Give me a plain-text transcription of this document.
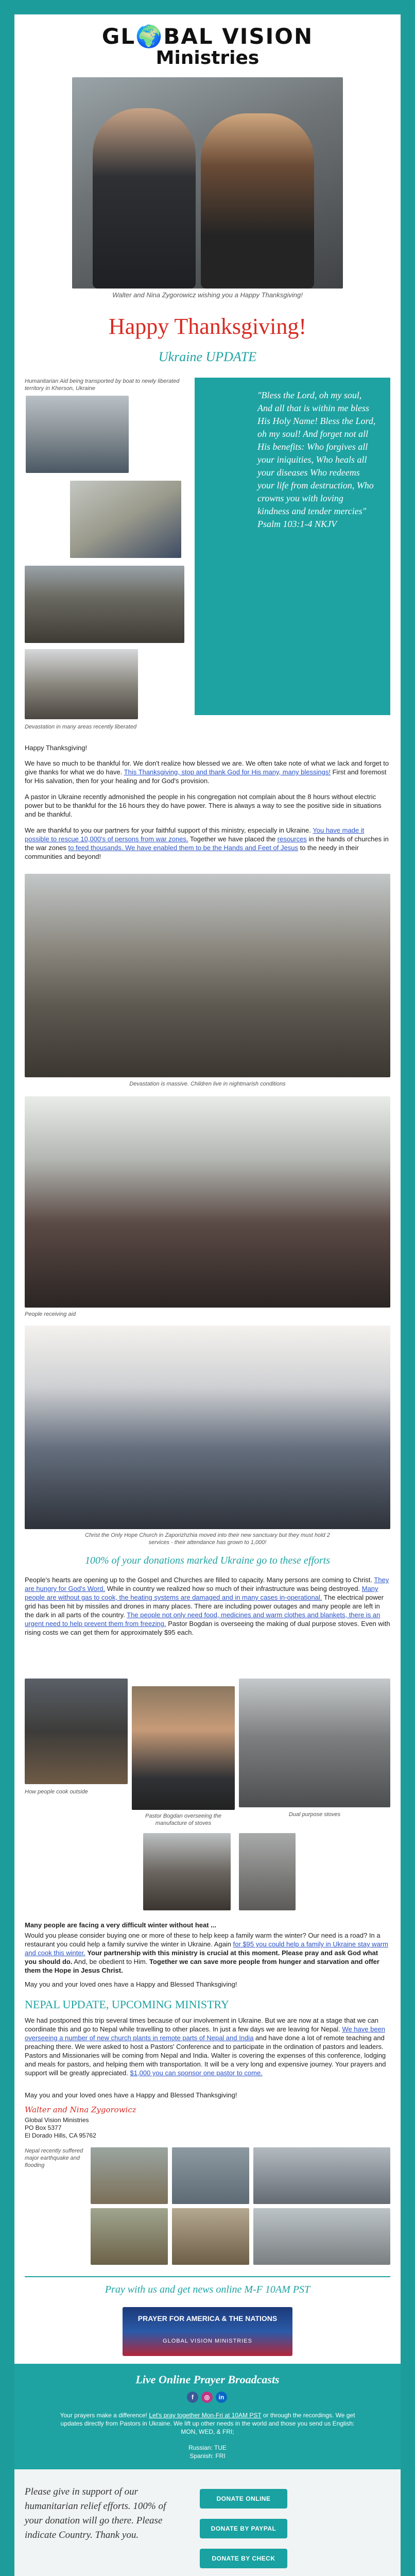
GL🌍BAL VISION
Ministries
Walter and Nina Zygorowicz wishing you a Happy Thanksgiving!
Happy Thanksgiving!
Ukraine UPDATE
Humanitarian Aid being transported by boat to newly liberated territory in Kherson, Ukraine
Devastation in many areas recently liberated
"Bless the Lord, oh my soul, And all that is within me bless His Holy Name! Bless the Lord, oh my soul! And forget not all His benefits: Who forgives all your iniquities, Who heals all your diseases Who redeems your life from destruction, Who crowns you with loving kindness and tender mercies" Psalm 103:1-4 NKJV
Happy Thanksgiving!
We have so much to be thankful for. We don't realize how blessed we are. We often take note of what we lack and forget to give thanks for what we do have. This Thanksgiving, stop and thank God for His many, many blessings! First and foremost for His salvation, then for your healing and for God's provision.
A pastor in Ukraine recently admonished the people in his congregation not complain about the 8 hours without electric power but to be thankful for the 16 hours they do have power. There is always a way to see the positive side in situations and be thankful.
We are thankful to you our partners for your faithful support of this ministry, especially in Ukraine. You have made it possible to rescue 10,000's of persons from war zones. Together we have placed the resources in the hands of churches in the war zones to feed thousands. We have enabled them to be the Hands and Feet of Jesus to the needy in their communities and beyond!
Devastation is massive. Children live in nightmarish conditions
People receiving aid
Christ the Only Hope Church in Zaporizhzhia moved into their new sanctuary but they must hold 2 services - their attendance has grown to 1,000!
100% of your donations marked Ukraine go to these efforts
People's hearts are opening up to the Gospel and Churches are filled to capacity. Many persons are coming to Christ. They are hungry for God's Word. While in country we realized how so much of their infrastructure was being destroyed. Many people are without gas to cook, the heating systems are damaged and in many cases in-operational. The electrical power grid has been hit by missiles and drones in many places. There are including power outages and many people are left in the dark in all parts of the country. The people not only need food, medicines and warm clothes and blankets, there is an urgent need to help prevent them from freezing. Pastor Bogdan is overseeing the making of dual purpose stoves. Even with rising costs we can get them for approximately $95 each.
How people cook outside
Pastor Bogdan overseeing the manufacture of stoves
Dual purpose stoves
Many people are facing a very difficult winter without heat ...
Would you please consider buying one or more of these to help keep a family warm the winter? Our need is a road? In a restaurant you could help a family survive the winter in Ukraine. Again for $95 you could help a family in Ukraine stay warm and cook this winter. Your partnership with this ministry is crucial at this moment. Please pray and ask God what you should do. And, be obedient to Him. Together we can save more people from hunger and starvation and offer them the Hope in Jesus Christ.
May you and your loved ones have a Happy and Blessed Thanksgiving!
NEPAL UPDATE, UPCOMING MINISTRY
We had postponed this trip several times because of our involvement in Ukraine. But we are now at a stage that we can coordinate this and go to Nepal while travelling to other places. In just a few days we are leaving for Nepal. We have been overseeing a number of new church plants in remote parts of Nepal and India and have done a lot of remote teaching and preaching there. We were asked to host a Pastors' Conference and to participate in the ordination of pastors and leaders. Pastors and Missionaries will be coming from Nepal and India. Walter is covering the expenses of this conference, lodging and meals for pastors, and helping them with transportation. It will be a very long and expensive journey. Your prayers and support will be greatly appreciated. $1,000 you can sponsor one pastor to come.
May you and your loved ones have a Happy and Blessed Thanksgiving!
Walter and Nina Zygorowicz
Global Vision Ministries
PO Box 5377
El Dorado Hills, CA 95762
Nepal recently suffered major earthquake and flooding
Pray with us and get news online M-F 10AM PST
PRAYER FOR AMERICA & THE NATIONS
GLOBAL VISION MINISTRIES
Live Online Prayer Broadcasts
f	◎	in
Your prayers make a difference! Let's pray together Mon-Fri at 10AM PST or through the recordings. We get updates directly from Pastors in Ukraine. We lift up other needs in the world and those you send us English: MON, WED, & FRI;
Russian: TUE
Spanish: FRI
Please give in support of our humanitarian relief efforts. 100% of your donation will go there. Please indicate Country. Thank you.
DONATE ONLINE
DONATE BY PAYPAL
DONATE BY CHECK
